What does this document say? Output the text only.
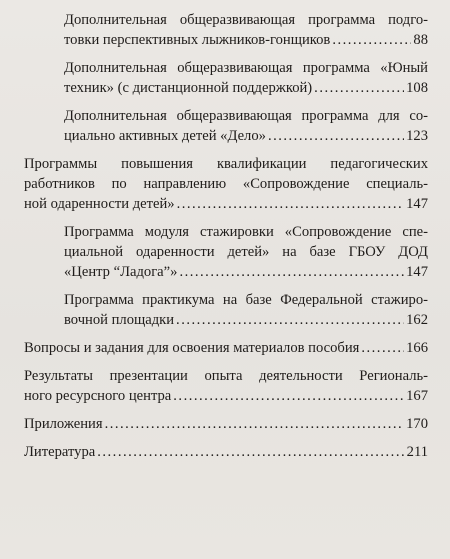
Дополнительная общеразвивающая программа подго-
товки перспективных лыжников-гонщиков .....	88
Дополнительная общеразвивающая программа «Юный
техник» (с дистанционной поддержкой) .....	108
Дополнительная общеразвивающая программа для со-
циально активных детей «Дело» .....	123
Программы повышения квалификации педагогических
работников по направлению «Сопровождение специаль-
ной одаренности детей» .....	147
Программа модуля стажировки «Сопровождение спе-
циальной одаренности детей» на базе ГБОУ ДОД
«Центр “Ладога”» .....	147
Программа практикума на базе Федеральной стажиро-
вочной площадки .....	162
Вопросы и задания для освоения материалов пособия .....	166
Результаты презентации опыта деятельности Региональ-
ного ресурсного центра .....	167
Приложения .....	170
Литература .....	211
